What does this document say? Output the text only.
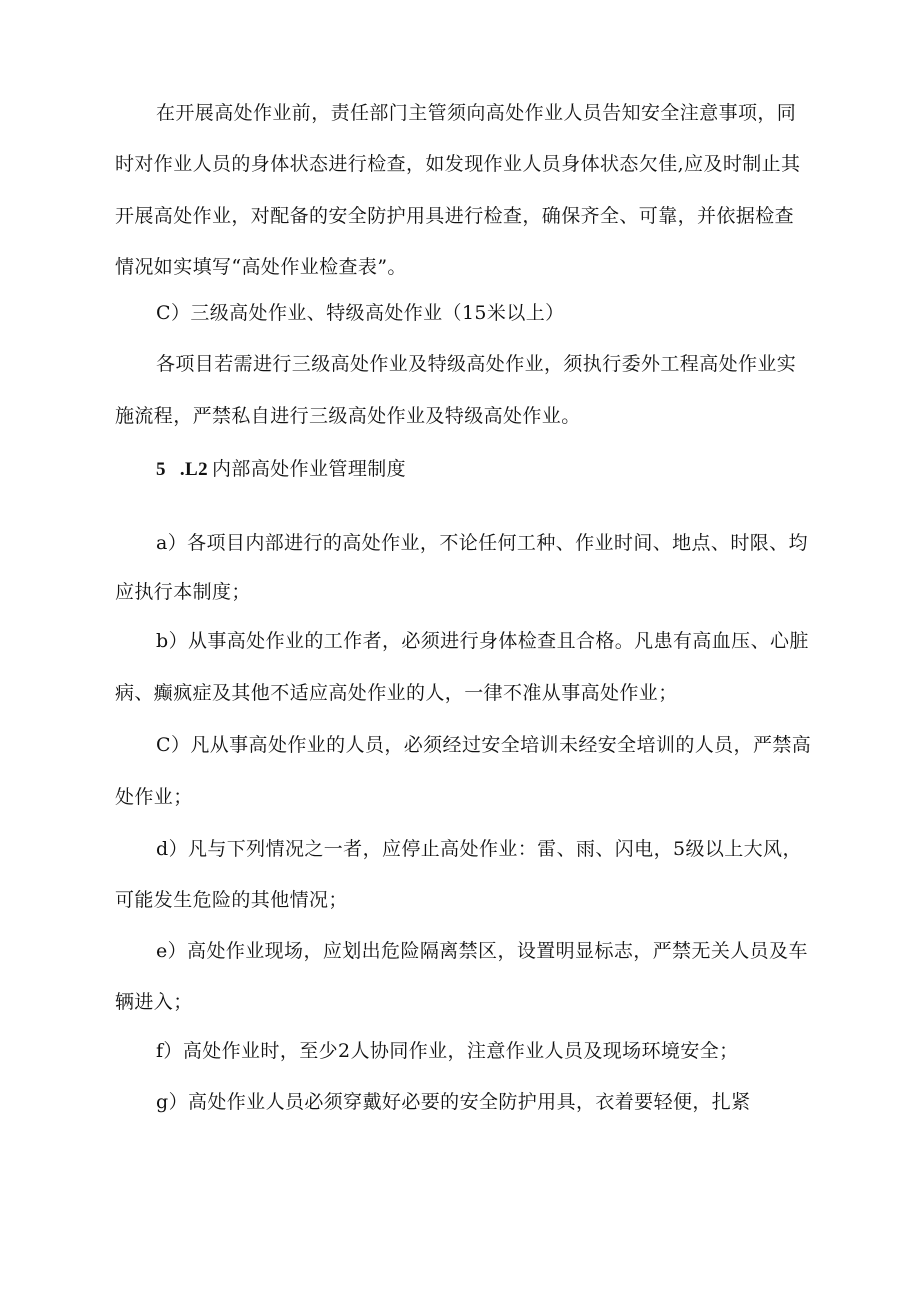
在开展高处作业前，责任部门主管须向高处作业人员告知安全注意事项，同
时对作业人员的身体状态进行检查，如发现作业人员身体状态欠佳,应及时制止其
开展高处作业，对配备的安全防护用具进行检查，确保齐全、可靠，并依据检查
情况如实填写“高处作业检查表”。
C）三级高处作业、特级高处作业（15米以上）
各项目若需进行三级高处作业及特级高处作业，须执行委外工程高处作业实
施流程，严禁私自进行三级高处作业及特级高处作业。
5 .L2 内部高处作业管理制度
a）各项目内部进行的高处作业，不论任何工种、作业时间、地点、时限、均
应执行本制度；
b）从事高处作业的工作者，必须进行身体检查且合格。凡患有高血压、心脏
病、癫疯症及其他不适应高处作业的人，一律不准从事高处作业；
C）凡从事高处作业的人员，必须经过安全培训未经安全培训的人员，严禁高
处作业；
d）凡与下列情况之一者，应停止高处作业：雷、雨、闪电，5级以上大风，
可能发生危险的其他情况；
e）高处作业现场，应划出危险隔离禁区，设置明显标志，严禁无关人员及车
辆进入；
f）高处作业时，至少2人协同作业，注意作业人员及现场环境安全；
g）高处作业人员必须穿戴好必要的安全防护用具，衣着要轻便，扎紧
